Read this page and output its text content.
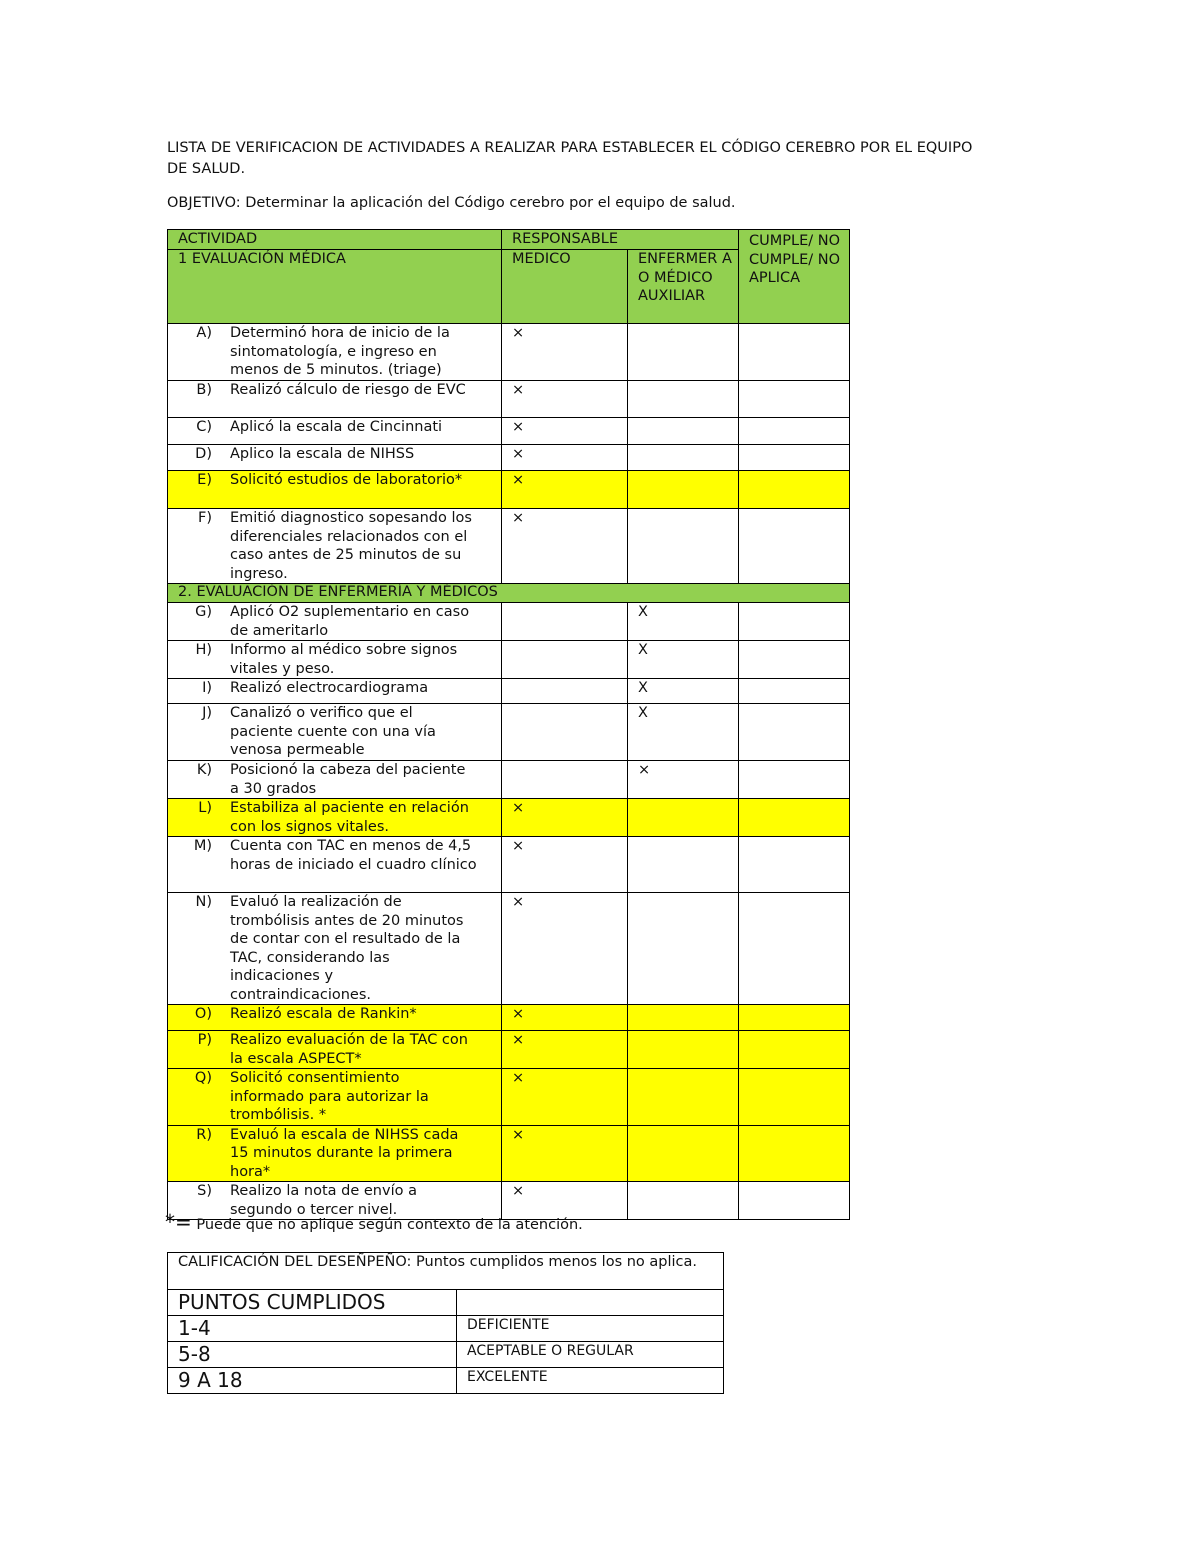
LISTA DE VERIFICACION DE ACTIVIDADES A REALIZAR PARA ESTABLECER EL CÓDIGO CEREBRO POR EL EQUIPO DE SALUD.

OBJETIVO: Determinar la aplicación del Código cerebro por el equipo de salud.

ACTIVIDAD	RESPONSABLE		CUMPLE/ NO CUMPLE/ NO APLICA
1 EVALUACIÓN MÉDICA	MEDICO	ENFERMER A O MÉDICO AUXILIAR	
A) Determinó hora de inicio de la sintomatología, e ingreso en menos de 5 minutos. (triage)	×		
B) Realizó cálculo de riesgo de EVC	×		
C) Aplicó la escala de Cincinnati	×		
D) Aplico la escala de NIHSS	×		
E) Solicitó estudios de laboratorio*	×		
F) Emitió diagnostico sopesando los diferenciales relacionados con el caso antes de 25 minutos de su ingreso.	×		
2. EVALUACIÓN DE ENFERMERÍA Y MÉDICOS			
G) Aplicó O2 suplementario en caso de ameritarlo		X	
H) Informo al médico sobre signos vitales y peso.		X	
I) Realizó electrocardiograma		X	
J) Canalizó o verifico que el paciente cuente con una vía venosa permeable		X	
K) Posicionó la cabeza del paciente a 30 grados		×	
L) Estabiliza al paciente en relación con los signos vitales.	×		
M) Cuenta con TAC en menos de 4,5 horas de iniciado el cuadro clínico	×		
N) Evaluó la realización de trombólisis antes de 20 minutos de contar con el resultado de la TAC, considerando las indicaciones y contraindicaciones.	×		
O) Realizó escala de Rankin*	×		
P) Realizo evaluación de la TAC con la escala ASPECT*	×		
Q) Solicitó consentimiento informado para autorizar la trombólisis. *	×		
R) Evaluó la escala de NIHSS cada 15 minutos durante la primera hora*	×		
S) Realizo la nota de envío a segundo o tercer nivel.	×		

*= Puede que no aplique según contexto de la atención.

CALIFICACIÓN DEL DESEÑPEÑO: Puntos cumplidos menos los no aplica.	
PUNTOS CUMPLIDOS	
1-4	DEFICIENTE
5-8	ACEPTABLE O REGULAR
9 A 18	EXCELENTE
